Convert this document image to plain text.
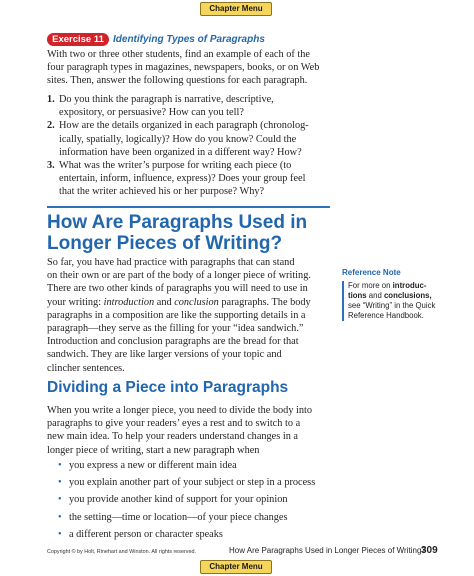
Chapter Menu
Exercise 11 Identifying Types of Paragraphs
With two or three other students, find an example of each of the
four paragraph types in magazines, newspapers, books, or on Web
sites. Then, answer the following questions for each paragraph.
1. Do you think the paragraph is narrative, descriptive,
expository, or persuasive? How can you tell?
2. How are the details organized in each paragraph (chronolog-
ically, spatially, logically)? How do you know? Could the
information have been organized in a different way? How?
3. What was the writer’s purpose for writing each piece (to
entertain, inform, influence, express)? Does your group feel
that the writer achieved his or her purpose? Why?
How Are Paragraphs Used in
Longer Pieces of Writing?
So far, you have had practice with paragraphs that can stand
on their own or are part of the body of a longer piece of writing.
There are two other kinds of paragraphs you will need to use in
your writing: introduction and conclusion paragraphs. The body
paragraphs in a composition are like the supporting details in a
paragraph—they serve as the filling for your “idea sandwich.”
Introduction and conclusion paragraphs are the bread for that
sandwich. They are like larger versions of your topic and
clincher sentences.
Reference Note
For more on introduc-
tions and conclusions,
see “Writing” in the Quick
Reference Handbook.
Dividing a Piece into Paragraphs
When you write a longer piece, you need to divide the body into
paragraphs to give your readers’ eyes a rest and to switch to a
new main idea. To help your readers understand changes in a
longer piece of writing, start a new paragraph when
• you express a new or different main idea
• you explain another part of your subject or step in a process
• you provide another kind of support for your opinion
• the setting—time or location—of your piece changes
• a different person or character speaks
Copyright © by Holt, Rinehart and Winston. All rights reserved.	How Are Paragraphs Used in Longer Pieces of Writing?
309
Chapter Menu
